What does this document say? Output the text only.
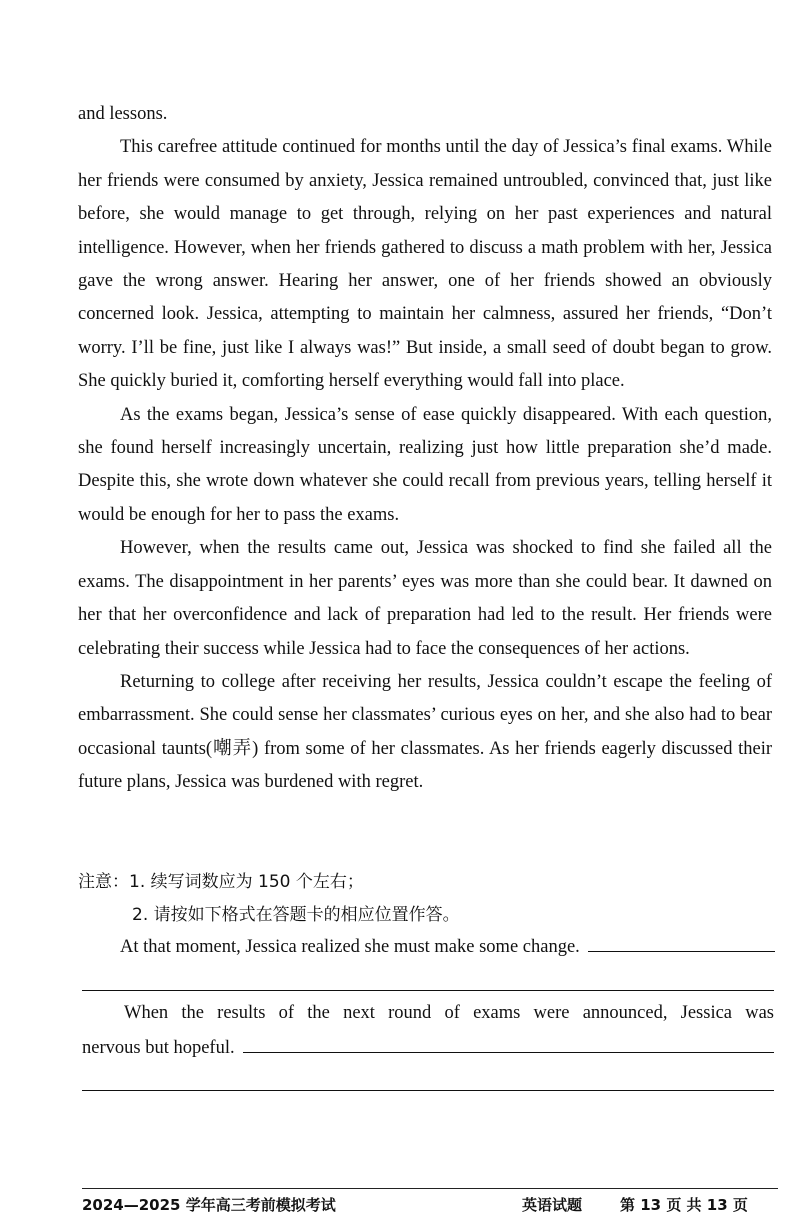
and lessons.

This carefree attitude continued for months until the day of Jessica’s final exams. While her friends were consumed by anxiety, Jessica remained untroubled, convinced that, just like before, she would manage to get through, relying on her past experiences and natural intelligence. However, when her friends gathered to discuss a math problem with her, Jessica gave the wrong answer. Hearing her answer, one of her friends showed an obviously concerned look. Jessica, attempting to maintain her calmness, assured her friends, “Don’t worry. I’ll be fine, just like I always was!” But inside, a small seed of doubt began to grow. She quickly buried it, comforting herself everything would fall into place.

As the exams began, Jessica’s sense of ease quickly disappeared. With each question, she found herself increasingly uncertain, realizing just how little preparation she’d made. Despite this, she wrote down whatever she could recall from previous years, telling herself it would be enough for her to pass the exams.

However, when the results came out, Jessica was shocked to find she failed all the exams. The disappointment in her parents’ eyes was more than she could bear. It dawned on her that her overconfidence and lack of preparation had led to the result. Her friends were celebrating their success while Jessica had to face the consequences of her actions.

Returning to college after receiving her results, Jessica couldn’t escape the feeling of embarrassment. She could sense her classmates’ curious eyes on her, and she also had to bear occasional taunts(嘲弄) from some of her classmates. As her friends eagerly discussed their future plans, Jessica was burdened with regret.

注意：1. 续写词数应为 150 个左右；
2. 请按如下格式在答题卡的相应位置作答。
At that moment, Jessica realized she must make some change.
When the results of the next round of exams were announced, Jessica was
nervous but hopeful.
2024—2025 学年高三考前模拟考试	英语试题	第 13 页 共 13 页
